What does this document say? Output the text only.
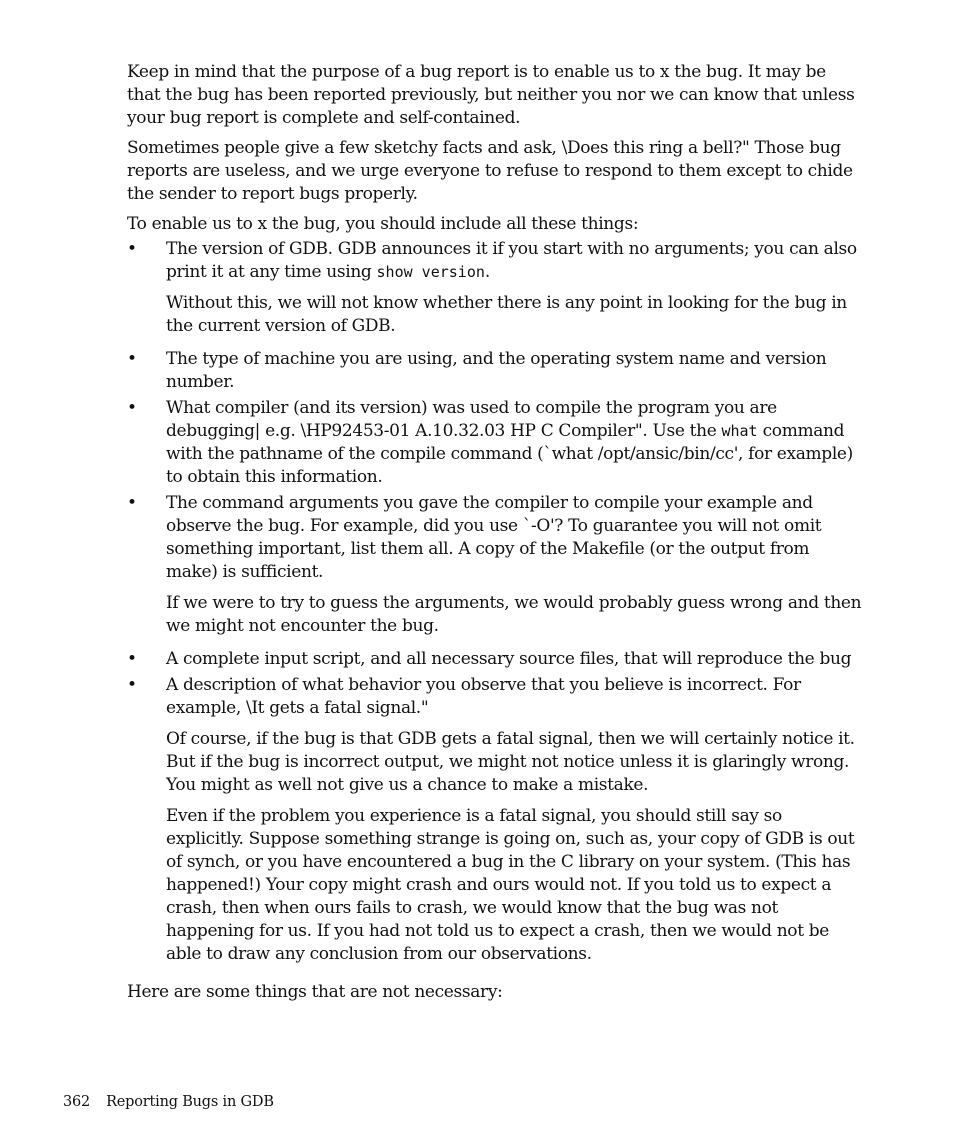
Keep in mind that the purpose of a bug report is to enable us to x the bug. It may be that the bug has been reported previously, but neither you nor we can know that unless your bug report is complete and self-contained.

Sometimes people give a few sketchy facts and ask, \Does this ring a bell?" Those bug reports are useless, and we urge everyone to refuse to respond to them except to chide the sender to report bugs properly.

To enable us to x the bug, you should include all these things:

• The version of GDB. GDB announces it if you start with no arguments; you can also print it at any time using show version.
Without this, we will not know whether there is any point in looking for the bug in the current version of GDB.
• The type of machine you are using, and the operating system name and version number.
• What compiler (and its version) was used to compile the program you are debugging| e.g. \HP92453-01 A.10.32.03 HP C Compiler". Use the what command with the pathname of the compile command (`what /opt/ansic/bin/cc', for example) to obtain this information.
• The command arguments you gave the compiler to compile your example and observe the bug. For example, did you use `-O'? To guarantee you will not omit something important, list them all. A copy of the Makefile (or the output from make) is sufficient.
If we were to try to guess the arguments, we would probably guess wrong and then we might not encounter the bug.
• A complete input script, and all necessary source files, that will reproduce the bug
• A description of what behavior you observe that you believe is incorrect. For example, \It gets a fatal signal."
Of course, if the bug is that GDB gets a fatal signal, then we will certainly notice it. But if the bug is incorrect output, we might not notice unless it is glaringly wrong. You might as well not give us a chance to make a mistake.
Even if the problem you experience is a fatal signal, you should still say so explicitly. Suppose something strange is going on, such as, your copy of GDB is out of synch, or you have encountered a bug in the C library on your system. (This has happened!) Your copy might crash and ours would not. If you told us to expect a crash, then when ours fails to crash, we would know that the bug was not happening for us. If you had not told us to expect a crash, then we would not be able to draw any conclusion from our observations.

Here are some things that are not necessary:

362 Reporting Bugs in GDB
